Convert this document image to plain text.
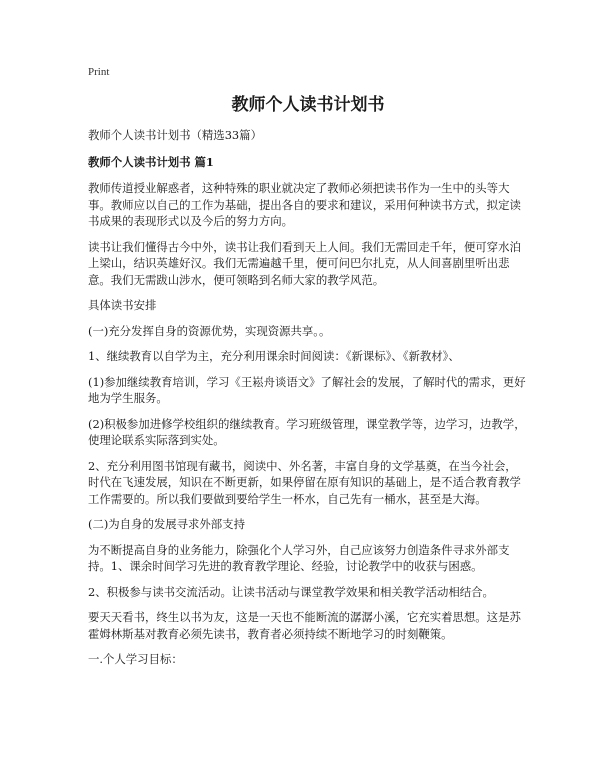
Print
教师个人读书计划书
教师个人读书计划书（精选33篇）
教师个人读书计划书 篇1
教师传道授业解惑者，这种特殊的职业就决定了教师必须把读书作为一生中的头等大事。教师应以自己的工作为基础，提出各自的要求和建议，采用何种读书方式，拟定读书成果的表现形式以及今后的努力方向。
读书让我们懂得古今中外，读书让我们看到天上人间。我们无需回走千年，便可穿水泊上梁山，结识英雄好汉。我们无需遍越千里，便可问巴尔扎克，从人间喜剧里听出悲意。我们无需跋山涉水，便可领略到名师大家的教学风范。
具体读书安排
(一)充分发挥自身的资源优势，实现资源共享。。
1、继续教育以自学为主，充分利用课余时间阅读：《新课标》、《新教材》、
(1)参加继续教育培训，学习《王崧舟谈语文》了解社会的发展，了解时代的需求，更好地为学生服务。
(2)积极参加进修学校组织的继续教育。学习班级管理，课堂教学等，边学习，边教学，使理论联系实际落到实处。
2、充分利用图书馆现有藏书，阅读中、外名著，丰富自身的文学基奠，在当今社会，时代在飞速发展，知识在不断更新，如果停留在原有知识的基础上，是不适合教育教学工作需要的。所以我们要做到要给学生一杯水，自己先有一桶水，甚至是大海。
(二)为自身的发展寻求外部支持
为不断提高自身的业务能力，除强化个人学习外，自己应该努力创造条件寻求外部支持。1、课余时间学习先进的教育教学理论、经验，讨论教学中的收获与困惑。
2、积极参与读书交流活动。让读书活动与课堂教学效果和相关教学活动相结合。
要天天看书，终生以书为友，这是一天也不能断流的潺潺小溪，它充实着思想。这是苏霍姆林斯基对教育必须先读书，教育者必须持续不断地学习的时刻鞭策。
一.个人学习目标：
